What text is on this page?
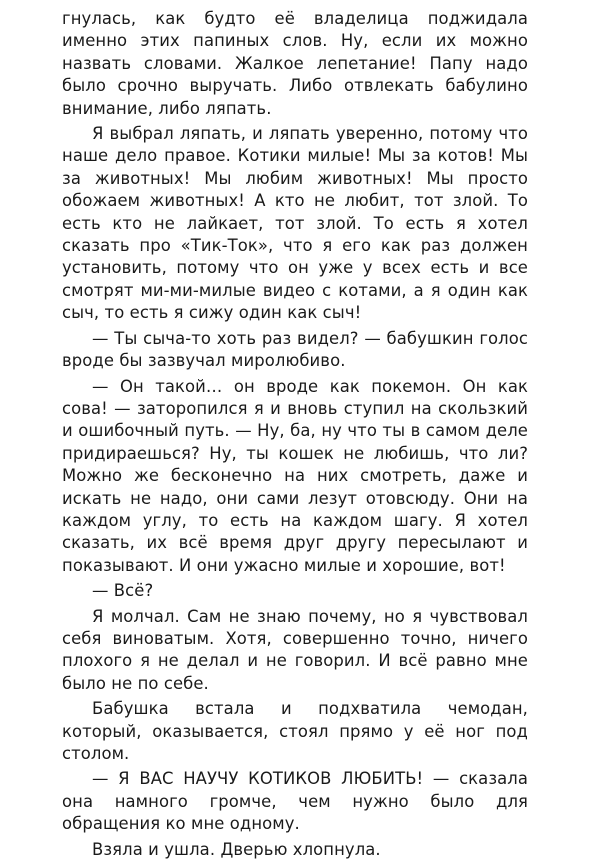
гнулась, как будто её владелица поджидала именно этих папиных слов. Ну, если их можно назвать словами. Жалкое лепетание! Папу надо было срочно выручать. Либо отвлекать бабулино внимание, либо ляпать.

Я выбрал ляпать, и ляпать уверенно, потому что наше дело правое. Котики милые! Мы за котов! Мы за животных! Мы любим животных! Мы просто обожаем животных! А кто не любит, тот злой. То есть кто не лайкает, тот злой. То есть я хотел сказать про «Тик-Ток», что я его как раз должен установить, потому что он уже у всех есть и все смотрят ми-ми-милые видео с котами, а я один как сыч, то есть я сижу один как сыч!

— Ты сыча-то хоть раз видел? — бабушкин голос вроде бы зазвучал миролюбиво.

— Он такой… он вроде как покемон. Он как сова! — заторопился я и вновь ступил на скользкий и ошибочный путь. — Ну, ба, ну что ты в самом деле придираешься? Ну, ты кошек не любишь, что ли? Можно же бесконечно на них смотреть, даже и искать не надо, они сами лезут отовсюду. Они на каждом углу, то есть на каждом шагу. Я хотел сказать, их всё время друг другу пересылают и показывают. И они ужасно милые и хорошие, вот!

— Всё?

Я молчал. Сам не знаю почему, но я чувствовал себя виноватым. Хотя, совершенно точно, ничего плохого я не делал и не говорил. И всё равно мне было не по себе.

Бабушка встала и подхватила чемодан, который, оказывается, стоял прямо у её ног под столом.

— Я ВАС НАУЧУ КОТИКОВ ЛЮБИТЬ! — сказала она намного громче, чем нужно было для обращения ко мне одному.

Взяла и ушла. Дверью хлопнула.
